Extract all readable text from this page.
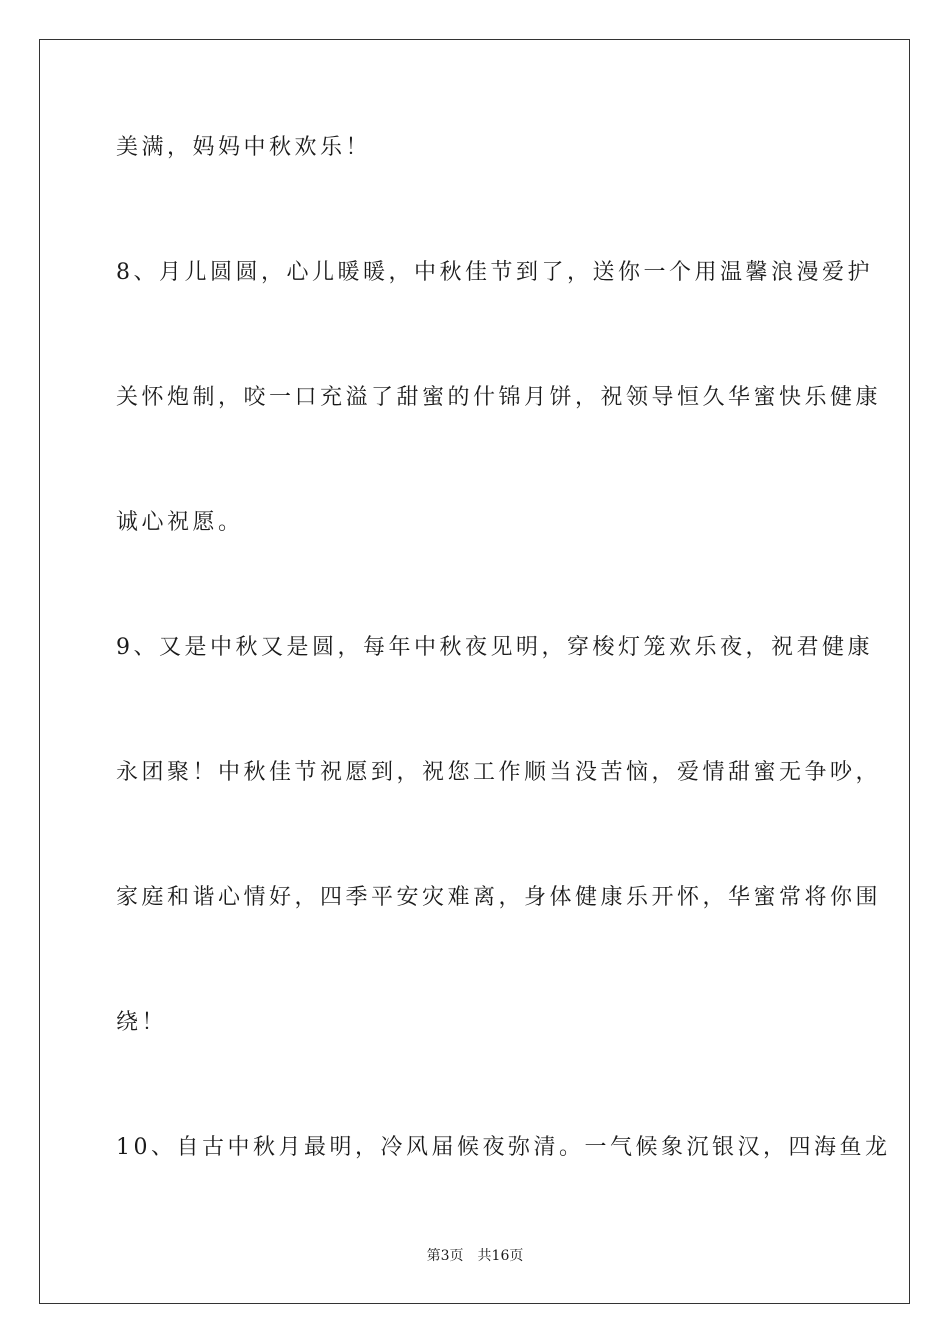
美满，妈妈中秋欢乐！
8、月儿圆圆，心儿暖暖，中秋佳节到了，送你一个用温馨浪漫爱护
关怀炮制，咬一口充溢了甜蜜的什锦月饼，祝领导恒久华蜜快乐健康
诚心祝愿。
9、又是中秋又是圆，每年中秋夜见明，穿梭灯笼欢乐夜，祝君健康
永团聚！中秋佳节祝愿到，祝您工作顺当没苦恼，爱情甜蜜无争吵，
家庭和谐心情好，四季平安灾难离，身体健康乐开怀，华蜜常将你围
绕！
10、自古中秋月最明，冷风届候夜弥清。一气候象沉银汉，四海鱼龙
第3页 共16页
